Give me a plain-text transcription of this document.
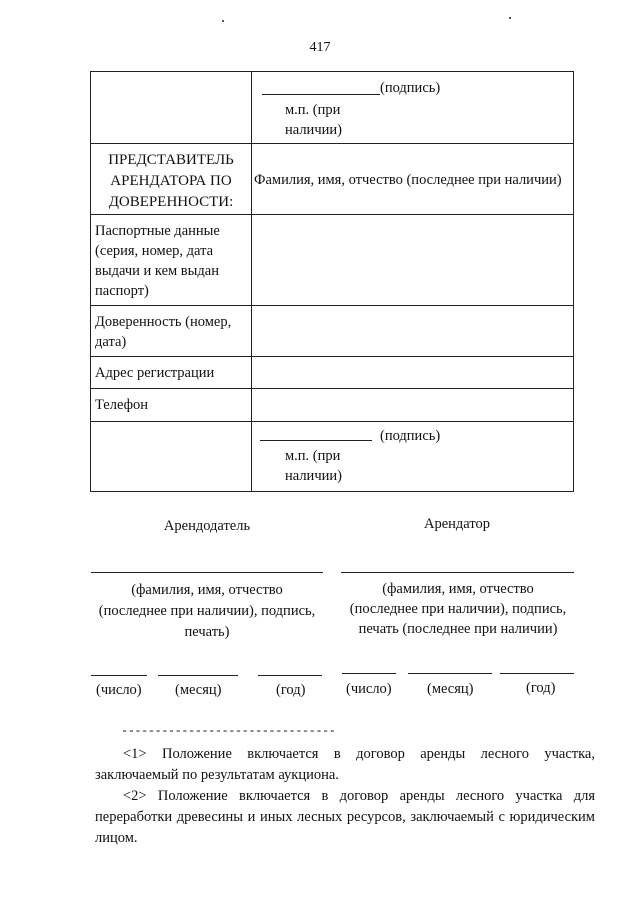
417

	(подпись)
м.п. (при
наличии)

ПРЕДСТАВИТЕЛЬ
АРЕНДАТОРА ПО
ДОВЕРЕННОСТИ:	Фамилия, имя, отчество (последнее при наличии)

Паспортные данные
(серия, номер, дата
выдачи и кем выдан
паспорт)	

Доверенность (номер,
дата)	

Адрес регистрации	

Телефон	

	(подпись)
м.п. (при
наличии)
Арендодатель
(фамилия, имя, отчество
(последнее при наличии), подпись,
печать)
(число) (месяц)	(год)
Арендатор
(фамилия, имя, отчество
(последнее при наличии), подпись,
печать (последнее при наличии)
(число) (месяц)	(год)
--------------------------------
<1> Положение включается в договор аренды лесного участка, заключаемый по результатам аукциона.
<2> Положение включается в договор аренды лесного участка для переработки древесины и иных лесных ресурсов, заключаемый с юридическим лицом.
